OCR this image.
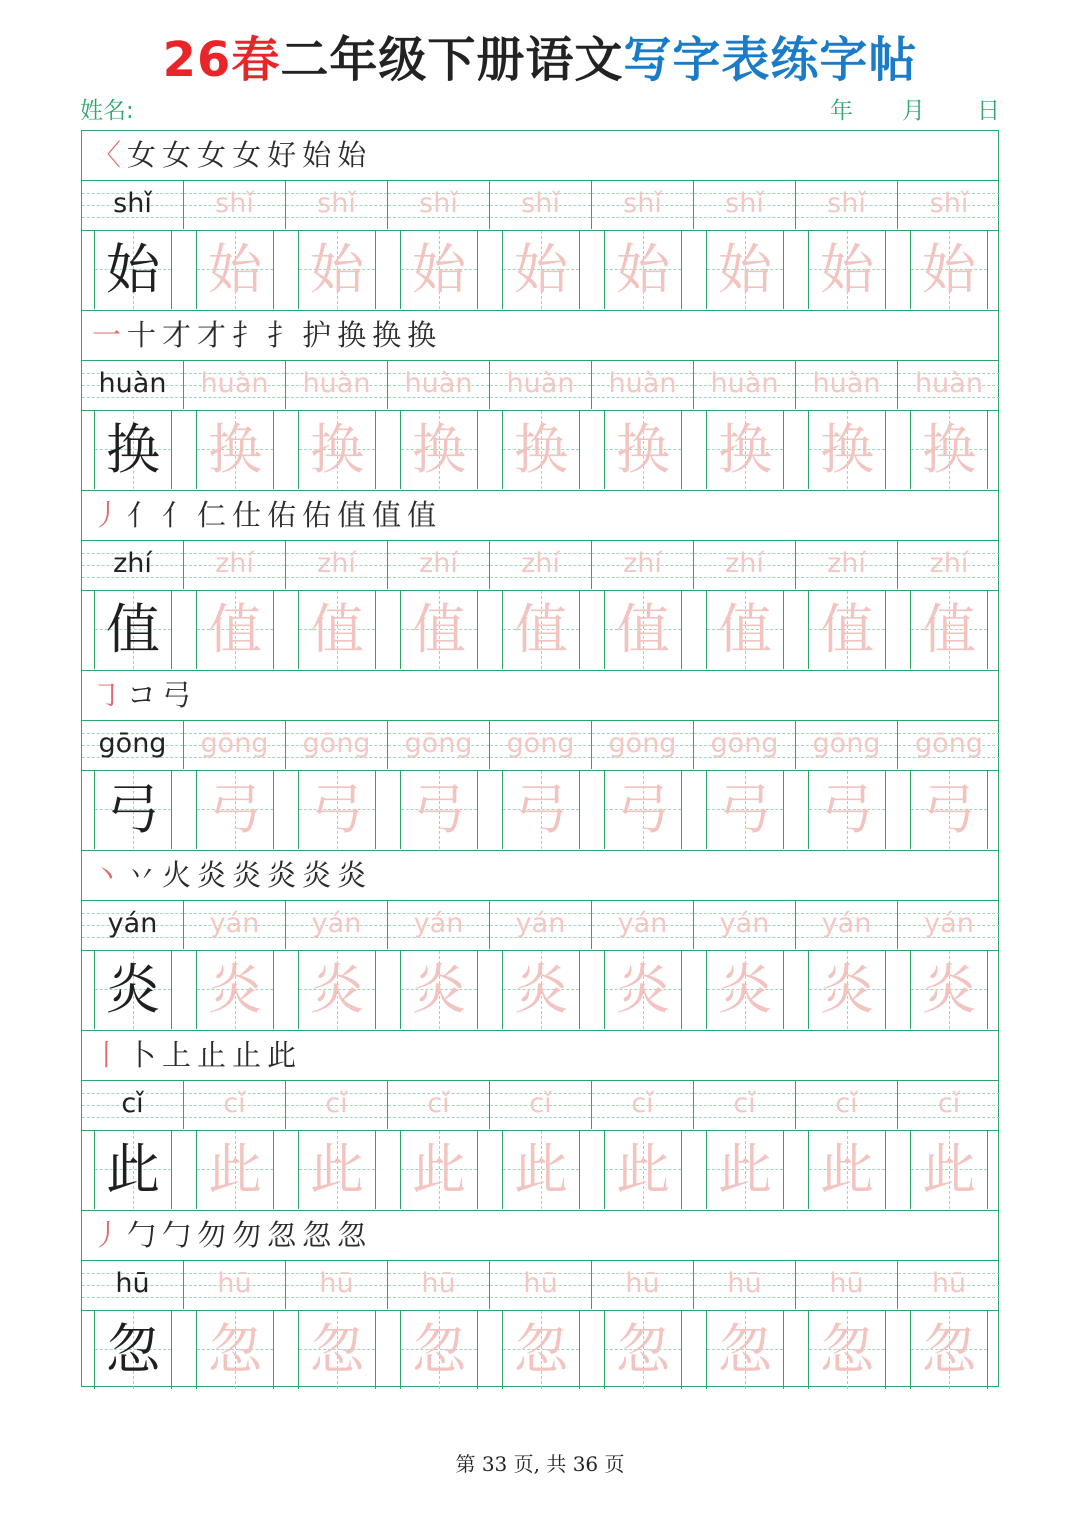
26春二年级下册语文写字表练字帖
姓名:	年 月 日
〈女女女女好始始
shǐ	shǐ	shǐ	shǐ	shǐ	shǐ	shǐ	shǐ	shǐ
始 始 始 始 始 始 始 始 始
一十才才扌扌护换换换
huàn	huàn	huàn	huàn	huàn	huàn	huàn	huàn	huàn
换 换 换 换 换 换 换 换 换
丿亻亻仁仕佑佑值值值
zhí	zhí	zhí	zhí	zhí	zhí	zhí	zhí	zhí
值 值 值 值 值 值 值 值 值
㇆コ弓
gōng	gōng	gōng	gōng	gōng	gōng	gōng	gōng	gōng
弓 弓 弓 弓 弓 弓 弓 弓 弓
丶丷火炎炎炎炎炎
yán	yán	yán	yán	yán	yán	yán	yán	yán
炎 炎 炎 炎 炎 炎 炎 炎 炎
丨卜上止止此
cǐ	cǐ	cǐ	cǐ	cǐ	cǐ	cǐ	cǐ	cǐ
此 此 此 此 此 此 此 此 此
丿勹勹勿勿忽忽忽
hū	hū	hū	hū	hū	hū	hū	hū	hū
忽 忽 忽 忽 忽 忽 忽 忽 忽
第 33 页, 共 36 页
